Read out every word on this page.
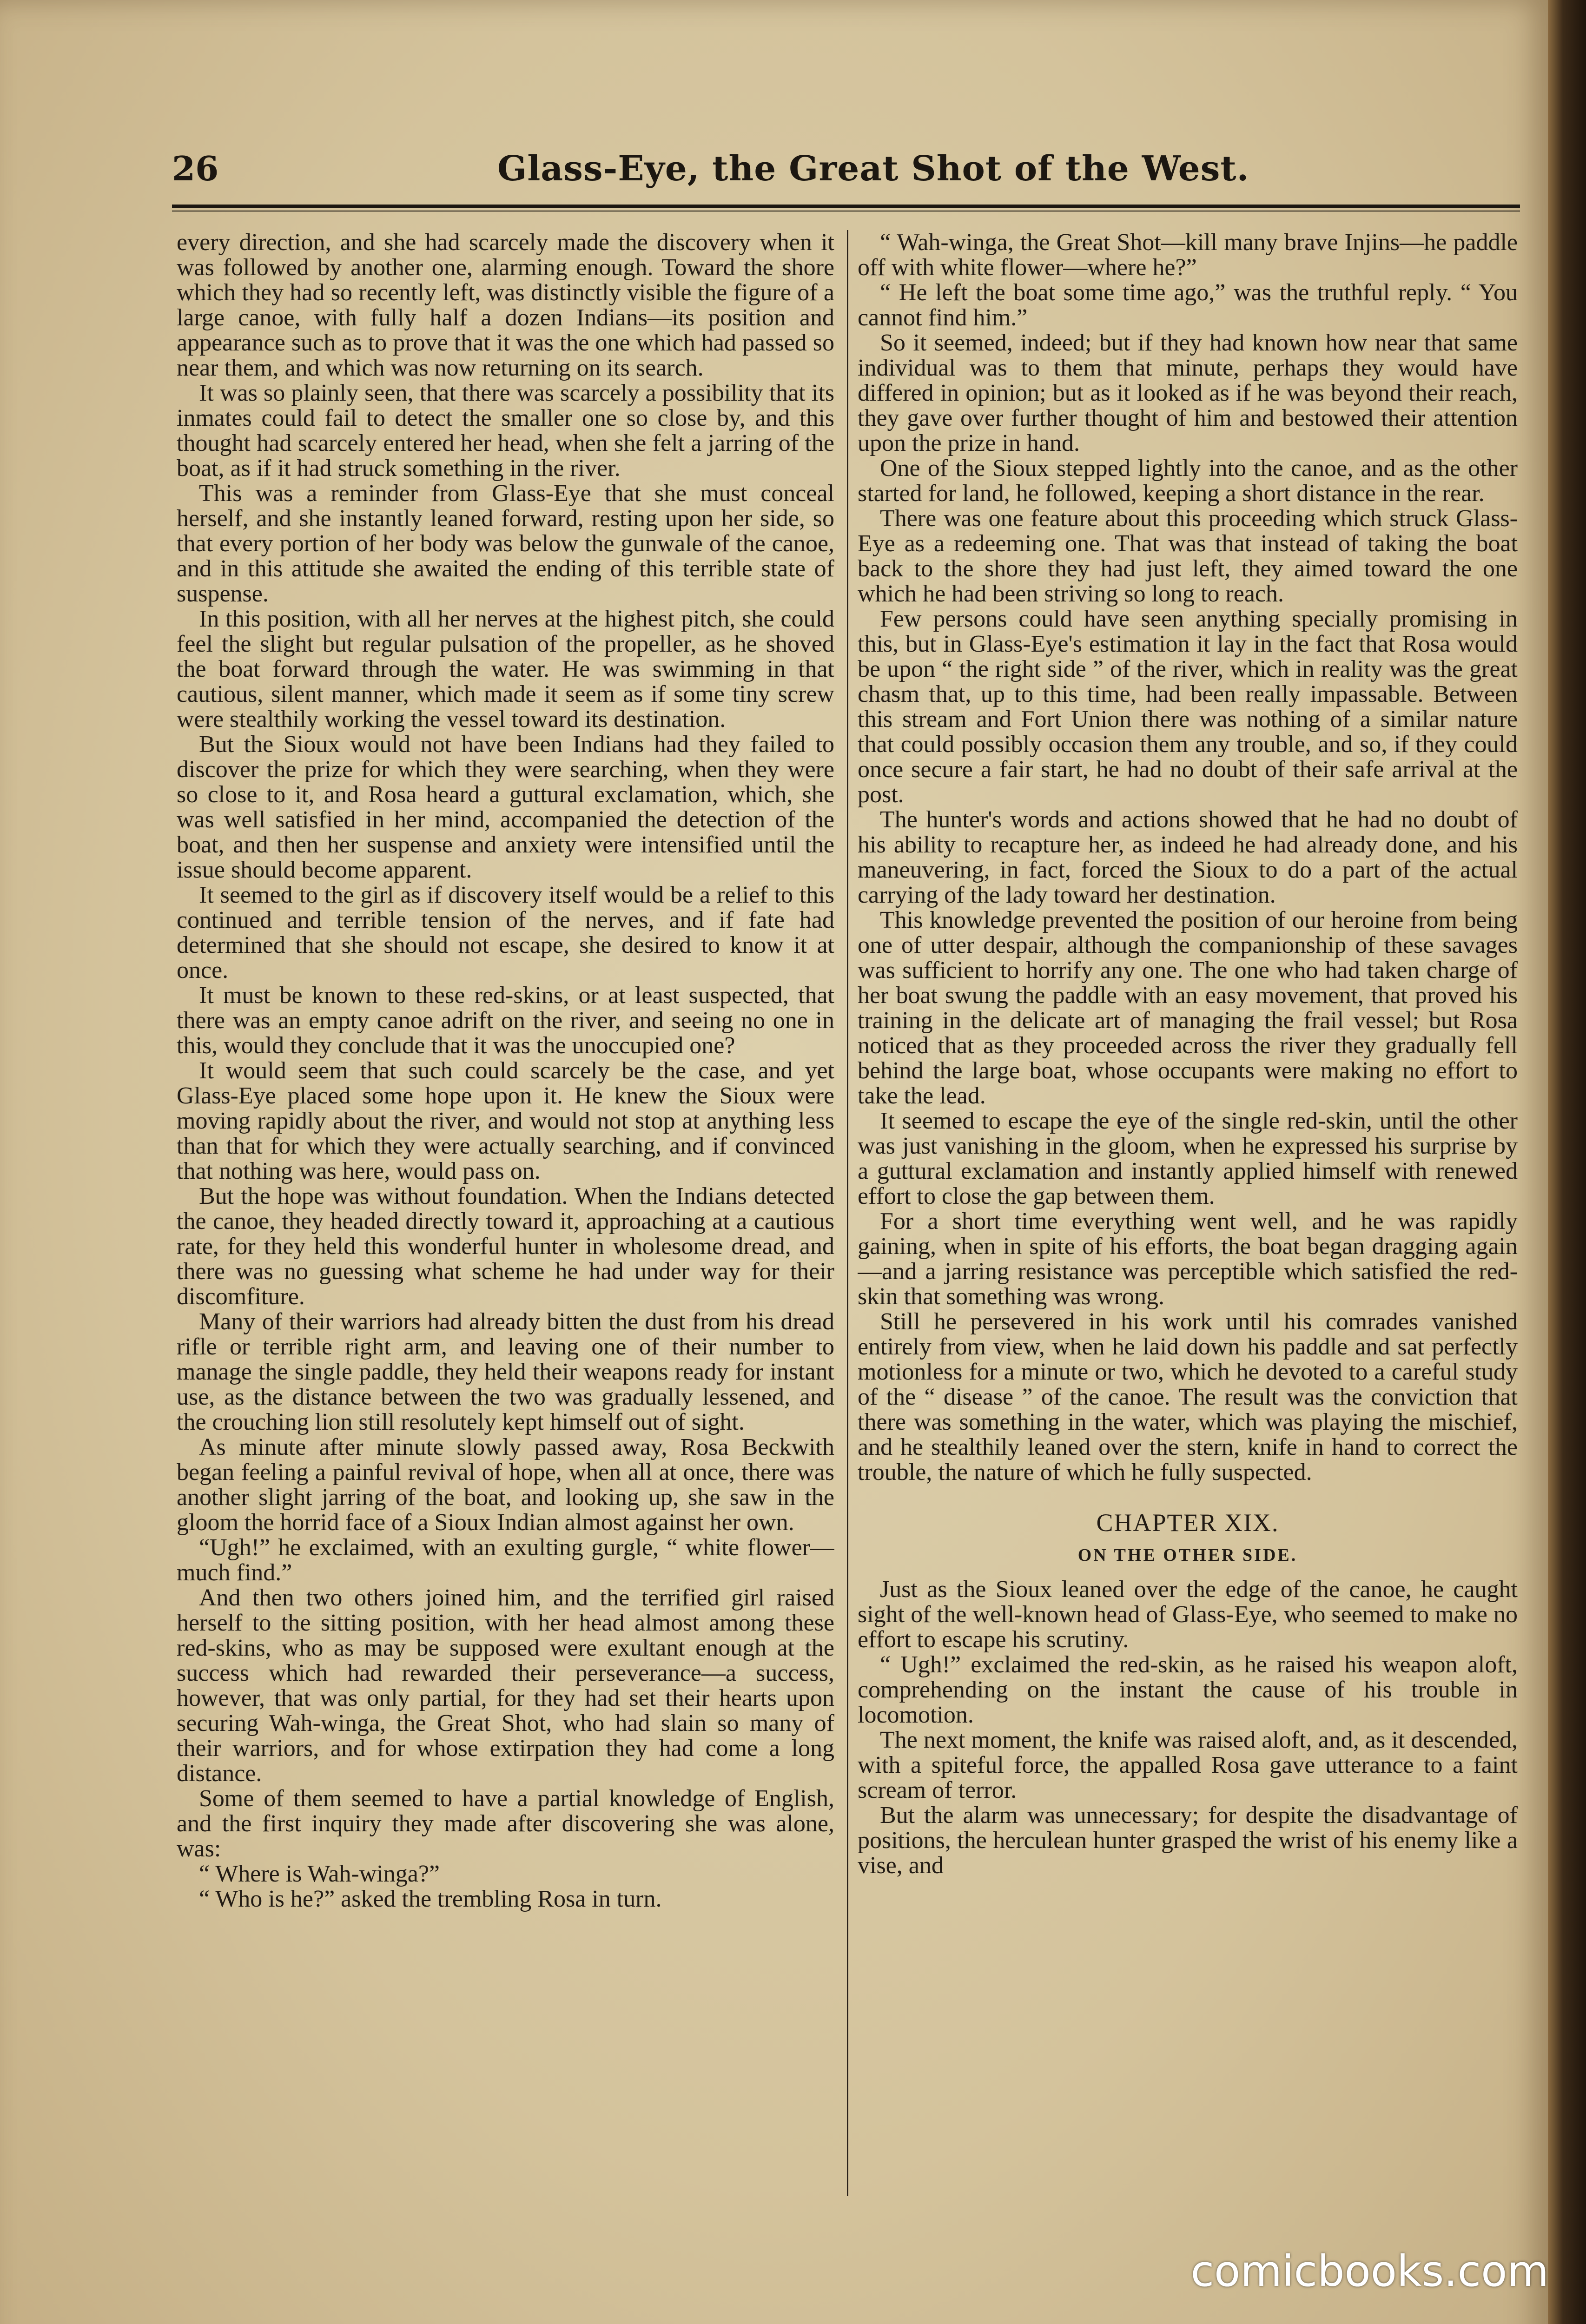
26	Glass-Eye, the Great Shot of the West.

every direction, and she had scarcely made the discovery when it was followed by another one, alarming enough. Toward the shore which they had so recently left, was distinctly visible the figure of a large canoe, with fully half a dozen Indians—its position and appearance such as to prove that it was the one which had passed so near them, and which was now returning on its search.

It was so plainly seen, that there was scarcely a possibility that its inmates could fail to detect the smaller one so close by, and this thought had scarcely entered her head, when she felt a jarring of the boat, as if it had struck something in the river.

This was a reminder from Glass-Eye that she must conceal herself, and she instantly leaned forward, resting upon her side, so that every portion of her body was below the gunwale of the canoe, and in this attitude she awaited the ending of this terrible state of suspense.

In this position, with all her nerves at the highest pitch, she could feel the slight but regular pulsation of the propeller, as he shoved the boat forward through the water. He was swimming in that cautious, silent manner, which made it seem as if some tiny screw were stealthily working the vessel toward its destination.

But the Sioux would not have been Indians had they failed to discover the prize for which they were searching, when they were so close to it, and Rosa heard a guttural exclamation, which, she was well satisfied in her mind, accompanied the detection of the boat, and then her suspense and anxiety were intensified until the issue should become apparent.

It seemed to the girl as if discovery itself would be a relief to this continued and terrible tension of the nerves, and if fate had determined that she should not escape, she desired to know it at once.

It must be known to these red-skins, or at least suspected, that there was an empty canoe adrift on the river, and seeing no one in this, would they conclude that it was the unoccupied one?

It would seem that such could scarcely be the case, and yet Glass-Eye placed some hope upon it. He knew the Sioux were moving rapidly about the river, and would not stop at anything less than that for which they were actually searching, and if convinced that nothing was here, would pass on.

But the hope was without foundation. When the Indians detected the canoe, they headed directly toward it, approaching at a cautious rate, for they held this wonderful hunter in wholesome dread, and there was no guessing what scheme he had under way for their discomfiture.

Many of their warriors had already bitten the dust from his dread rifle or terrible right arm, and leaving one of their number to manage the single paddle, they held their weapons ready for instant use, as the distance between the two was gradually lessened, and the crouching lion still resolutely kept himself out of sight.

As minute after minute slowly passed away, Rosa Beckwith began feeling a painful revival of hope, when all at once, there was another slight jarring of the boat, and looking up, she saw in the gloom the horrid face of a Sioux Indian almost against her own.

“Ugh!” he exclaimed, with an exulting gurgle, “ white flower—much find.”

And then two others joined him, and the terrified girl raised herself to the sitting position, with her head almost among these red-skins, who as may be supposed were exultant enough at the success which had rewarded their perseverance—a success, however, that was only partial, for they had set their hearts upon securing Wah-winga, the Great Shot, who had slain so many of their warriors, and for whose extirpation they had come a long distance.

Some of them seemed to have a partial knowledge of English, and the first inquiry they made after discovering she was alone, was:

“ Where is Wah-winga?”

“ Who is he?” asked the trembling Rosa in turn.

“ Wah-winga, the Great Shot—kill many brave Injins—he paddle off with white flower—where he?”

“ He left the boat some time ago,” was the truthful reply. “ You cannot find him.”

So it seemed, indeed; but if they had known how near that same individual was to them that minute, perhaps they would have differed in opinion; but as it looked as if he was beyond their reach, they gave over further thought of him and bestowed their attention upon the prize in hand.

One of the Sioux stepped lightly into the canoe, and as the other started for land, he followed, keeping a short distance in the rear.

There was one feature about this proceeding which struck Glass-Eye as a redeeming one. That was that instead of taking the boat back to the shore they had just left, they aimed toward the one which he had been striving so long to reach.

Few persons could have seen anything specially promising in this, but in Glass-Eye's estimation it lay in the fact that Rosa would be upon “ the right side ” of the river, which in reality was the great chasm that, up to this time, had been really impassable. Between this stream and Fort Union there was nothing of a similar nature that could possibly occasion them any trouble, and so, if they could once secure a fair start, he had no doubt of their safe arrival at the post.

The hunter's words and actions showed that he had no doubt of his ability to recapture her, as indeed he had already done, and his maneuvering, in fact, forced the Sioux to do a part of the actual carrying of the lady toward her destination.

This knowledge prevented the position of our heroine from being one of utter despair, although the companionship of these savages was sufficient to horrify any one. The one who had taken charge of her boat swung the paddle with an easy movement, that proved his training in the delicate art of managing the frail vessel; but Rosa noticed that as they proceeded across the river they gradually fell behind the large boat, whose occupants were making no effort to take the lead.

It seemed to escape the eye of the single red-skin, until the other was just vanishing in the gloom, when he expressed his surprise by a guttural exclamation and instantly applied himself with renewed effort to close the gap between them.

For a short time everything went well, and he was rapidly gaining, when in spite of his efforts, the boat began dragging again—and a jarring resistance was perceptible which satisfied the red-skin that something was wrong.

Still he persevered in his work until his comrades vanished entirely from view, when he laid down his paddle and sat perfectly motionless for a minute or two, which he devoted to a careful study of the “ disease ” of the canoe. The result was the conviction that there was something in the water, which was playing the mischief, and he stealthily leaned over the stern, knife in hand to correct the trouble, the nature of which he fully suspected.

CHAPTER XIX.
ON THE OTHER SIDE.

Just as the Sioux leaned over the edge of the canoe, he caught sight of the well-known head of Glass-Eye, who seemed to make no effort to escape his scrutiny.

“ Ugh!” exclaimed the red-skin, as he raised his weapon aloft, comprehending on the instant the cause of his trouble in locomotion.

The next moment, the knife was raised aloft, and, as it descended, with a spiteful force, the appalled Rosa gave utterance to a faint scream of terror.

But the alarm was unnecessary; for despite the disadvantage of positions, the herculean hunter grasped the wrist of his enemy like a vise, and

comicbooks.com
